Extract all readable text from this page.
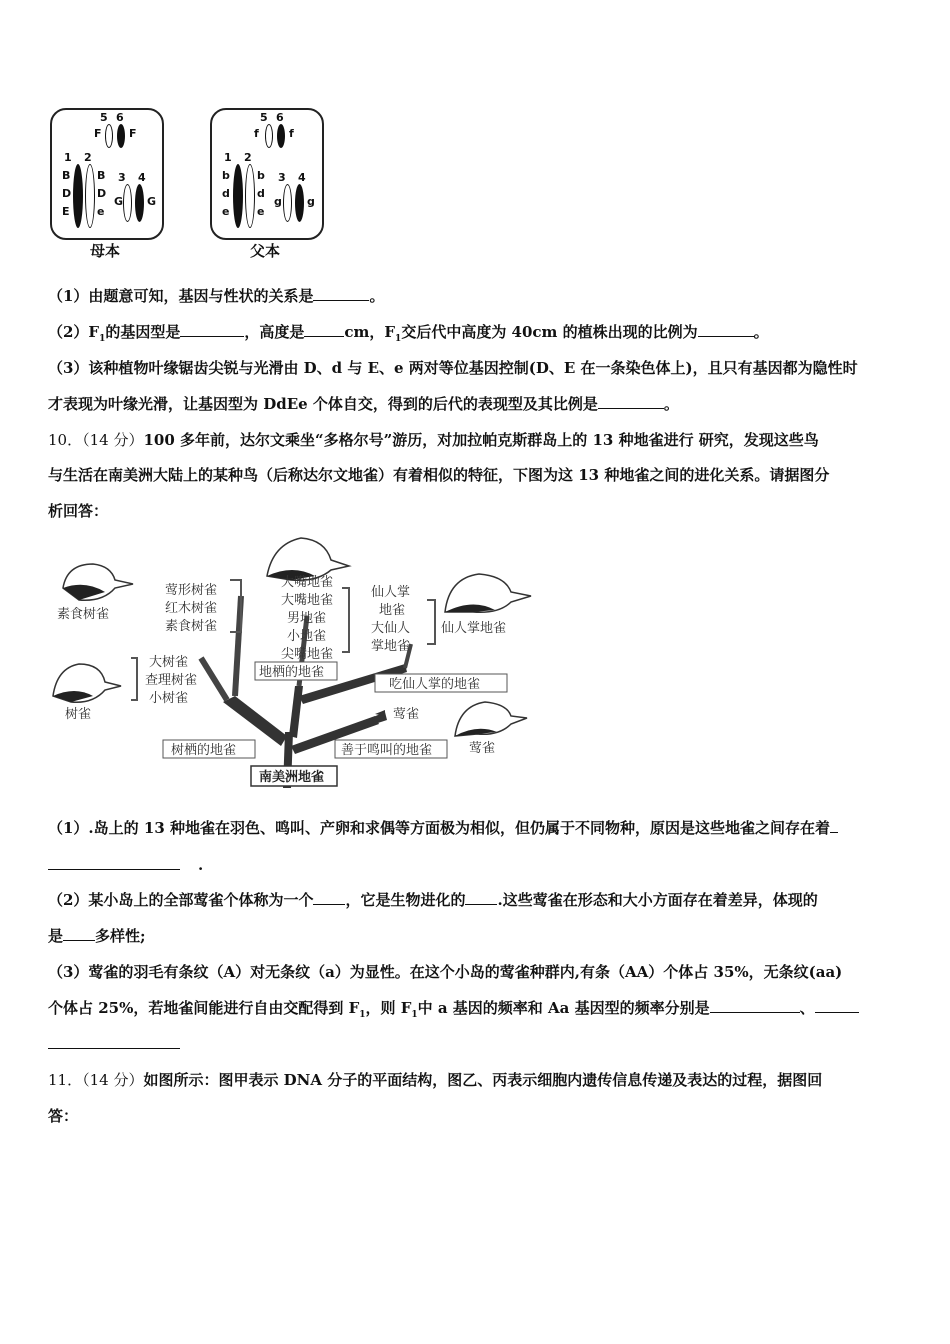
5 6
F F
1 2
B
D
E
B
D
e
3 4
G G
母本
5 6
f	f
1 2
b
d
e
b
d
e
3 4
g g
父本
（1）由题意可知，基因与性状的关系是	。
$(2)F_1$的基因型是	，高度是	cm，$F_1$交后代中高度为 40cm 的植株出现的比例为	。
（3）该种植物叶缘锯齿尖锐与光滑由 D、d 与 E、e 两对等位基因控制(D、E 在一条染色体上)，且只有基因都为隐性时
才表现为叶缘光滑，让基因型为 DdEe 个体自交，得到的后代的表现型及其比例是	。
10．（14 分）100 多年前，达尔文乘坐“多格尔号”游历，对加拉帕克斯群岛上的 13 种地雀进行 研究，发现这些鸟
与生活在南美洲大陆上的某种鸟（后称达尔文地雀）有着相似的特征，下图为这 13 种地雀之间的进化关系。请据图分
析回答：
素食树雀
莺形树雀
红木树雀
素食树雀
大树雀
查理树雀
小树雀
树雀
大嘴地雀
大嘴地雀
男地雀
小地雀
尖嘴地雀
地栖的地雀
仙人掌
地雀
大仙人
掌地雀
仙人掌地雀
吃仙人掌的地雀
莺雀
莺雀
树栖的地雀	善于鸣叫的地雀
南美洲地雀
（1）.岛上的 13 种地雀在羽色、鸣叫、产卵和求偶等方面极为相似，但仍属于不同物种，原因是这些地雀之间存在着
.
（2）某小岛上的全部莺雀个体称为一个 ，它是生物进化的 .这些莺雀在形态和大小方面存在着差异，体现的
是 多样性;
（3）莺雀的羽毛有条纹（A）对无条纹（a）为显性。在这个小岛的莺雀种群内,有条（AA）个体占 35%，无条纹(aa)
个体占 25%，若地雀间能进行自由交配得到 $F_1$，则 $F_1$中 a 基因的频率和 Aa 基因型的频率分别是	、
11．（14 分）如图所示：图甲表示 DNA 分子的平面结构，图乙、丙表示细胞内遗传信息传递及表达的过程，据图回
答：
